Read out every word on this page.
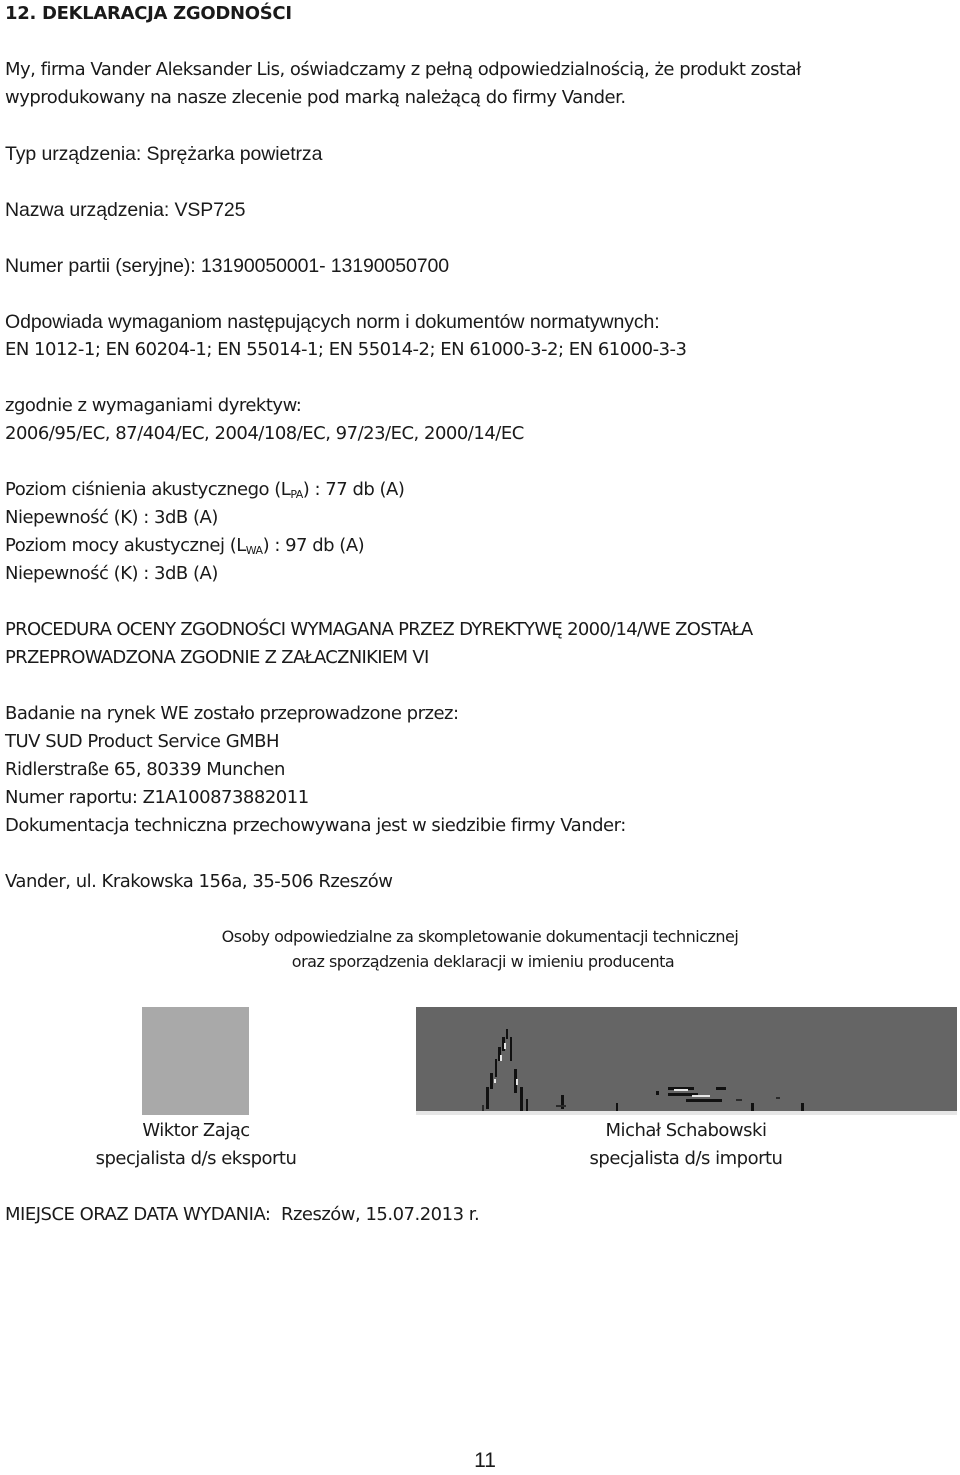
12. DEKLARACJA ZGODNOŚCI
My, firma Vander Aleksander Lis, oświadczamy z pełną odpowiedzialnością, że produkt został
wyprodukowany na nasze zlecenie pod marką należącą do firmy Vander.
Typ urządzenia: Sprężarka powietrza
Nazwa urządzenia: VSP725
Numer partii (seryjne): 13190050001- 13190050700
Odpowiada wymaganiom następujących norm i dokumentów normatywnych:
EN 1012-1; EN 60204-1; EN 55014-1; EN 55014-2; EN 61000-3-2; EN 61000-3-3
zgodnie z wymaganiami dyrektyw:
2006/95/EC, 87/404/EC, 2004/108/EC, 97/23/EC, 2000/14/EC
Poziom ciśnienia akustycznego $(L_{PA})$ : 77 db (A)
Niepewność (K) : 3dB (A)
Poziom mocy akustycznej $(L_{WA})$ : 97 db (A)
Niepewność (K) : 3dB (A)
PROCEDURA OCENY ZGODNOŚCI WYMAGANA PRZEZ DYREKTYWĘ 2000/14/WE ZOSTAŁA
PRZEPROWADZONA ZGODNIE Z ZAŁACZNIKIEM VI
Badanie na rynek WE zostało przeprowadzone przez:
TUV SUD Product Service GMBH
Ridlerstraße 65, 80339 Munchen
Numer raportu: Z1A100873882011
Dokumentacja techniczna przechowywana jest w siedzibie firmy Vander:
Vander, ul. Krakowska 156a, 35-506 Rzeszów
Osoby odpowiedzialne za skompletowanie dokumentacji technicznej
oraz sporządzenia deklaracji w imieniu producenta
Wiktor Zając
specjalista d/s eksportu
Michał Schabowski
specjalista d/s importu
MIEJSCE ORAZ DATA WYDANIA:  Rzeszów, 15.07.2013 r.
11
